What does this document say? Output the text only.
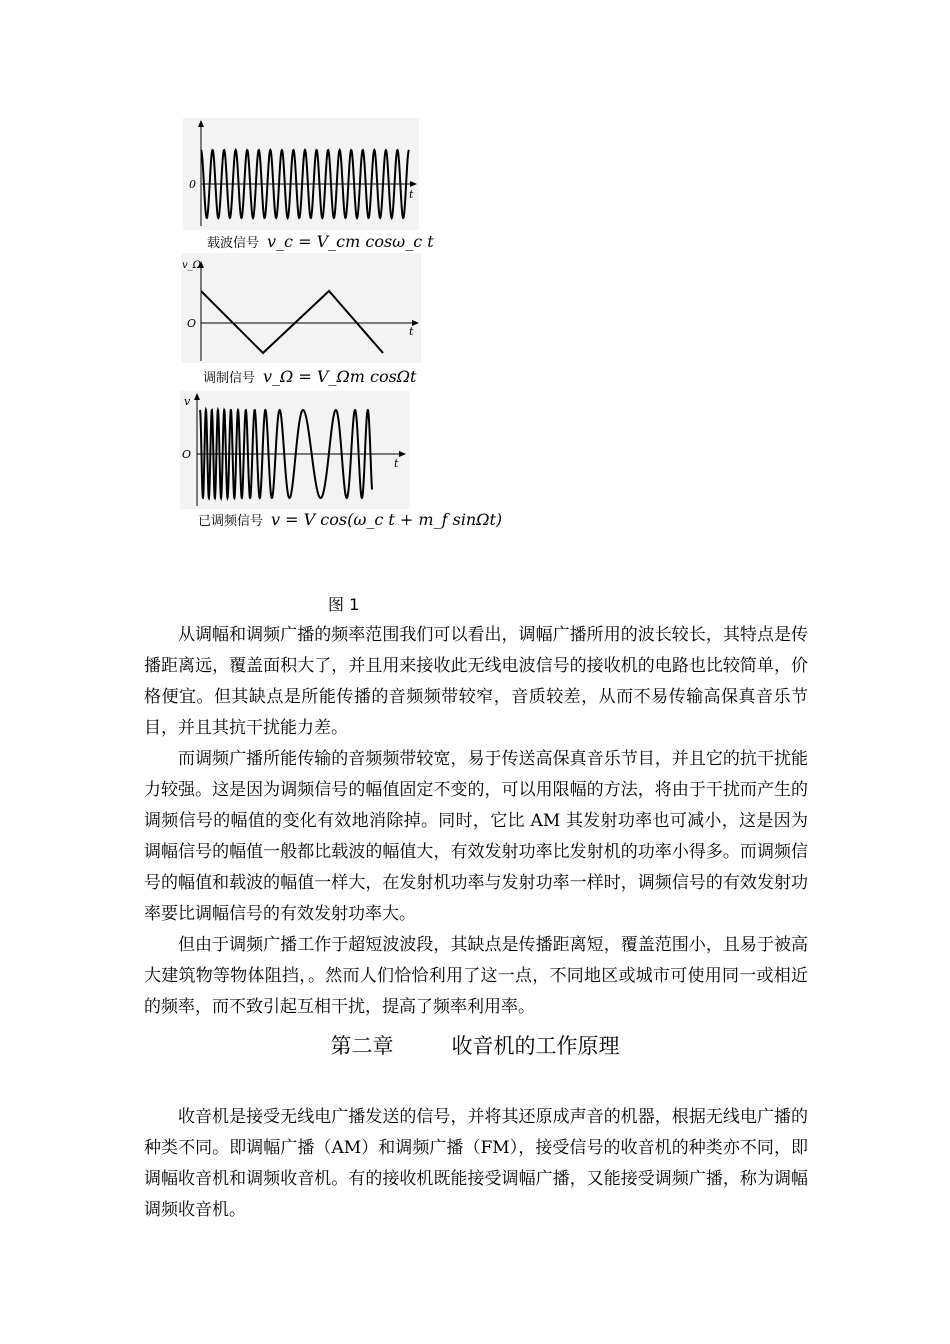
0
t
载波信号 v_c = V_cm cosω_c t
v_Ω
O
t
调制信号 v_Ω = V_Ωm cosΩt
v
O
t
已调频信号 v = V cos(ω_c t + m_f sinΩt)
图 1

从调幅和调频广播的频率范围我们可以看出，调幅广播所用的波长较长，其特点是传播距离远，覆盖面积大了，并且用来接收此无线电波信号的接收机的电路也比较简单，价格便宜。但其缺点是所能传播的音频频带较窄，音质较差，从而不易传输高保真音乐节目，并且其抗干扰能力差。

而调频广播所能传输的音频频带较宽，易于传送高保真音乐节目，并且它的抗干扰能力较强。这是因为调频信号的幅值固定不变的，可以用限幅的方法，将由于干扰而产生的调频信号的幅值的变化有效地消除掉。同时，它比 AM 其发射功率也可减小，这是因为调幅信号的幅值一般都比载波的幅值大，有效发射功率比发射机的功率小得多。而调频信号的幅值和载波的幅值一样大，在发射机功率与发射功率一样时，调频信号的有效发射功率要比调幅信号的有效发射功率大。

但由于调频广播工作于超短波波段，其缺点是传播距离短，覆盖范围小，且易于被高大建筑物等物体阻挡，。然而人们恰恰利用了这一点，不同地区或城市可使用同一或相近的频率，而不致引起互相干扰，提高了频率利用率。

第二章	收音机的工作原理

收音机是接受无线电广播发送的信号，并将其还原成声音的机器，根据无线电广播的种类不同。即调幅广播（AM）和调频广播（FM），接受信号的收音机的种类亦不同，即调幅收音机和调频收音机。有的接收机既能接受调幅广播，又能接受调频广播，称为调幅调频收音机。
